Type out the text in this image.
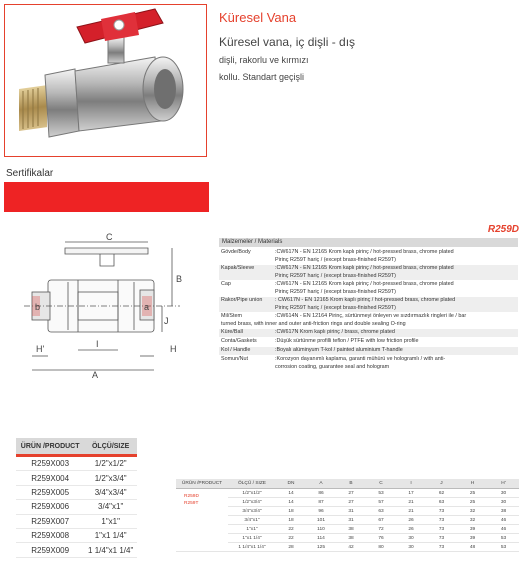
Küresel Vana
Küresel vana, iç dişli - dış
dişli, rakorlu ve kırmızı
kollu. Standart geçişli
Sertifikalar
R259D
C
B
b	a
J
H'	I	H
A
Malzemeler / Materials
Gövde/Body	:CW617N - EN 12165 Krom kaplı pirinç / hot-pressed brass, chrome plated
Pirinç R259T hariç / (except brass-finished R259T)
Kapak/Sleeve	:CW617N - EN 12165 Krom kaplı pirinç / hot-pressed brass, chrome plated
Pirinç R259T hariç / (except brass-finished R259T)
Cap	:CW617N - EN 12165 Krom kaplı pirinç / hot-pressed brass, chrome plated
Pirinç R259T hariç / (except brass-finished R259T)
Rakor/Pipe union	: CW617N - EN 12165 Krom kaplı pirinç / hot-pressed brass, chrome plated
Pirinç R259T hariç / (except brass-finished R259T)
Mil/Stem	:CW614N - EN 12164 Pirinç, sürtünmeyi önleyen ve sızdırmazlık ringleri ile / bar
turned brass, with inner and outer anti-friction rings and double sealing O-ring
Küre/Ball	:CW617N Krom kaplı pirinç / brass, chrome plated
Conta/Gaskets	:Düşük sürtünme profilli teflon / PTFE with low friction profile
Kol / Handle	:Boyalı alüminyum T-kol / painted aluminium T-handle
Somun/Nut	:Korozyon dayanımlı kaplama, garanti mühürü ve hologramlı / with anti-
corrosion coating, guarantee seal and hologram
ÜRÜN /PRODUCT	ÖLÇÜ/SIZE
R259X003	1/2"x1/2"
R259X004	1/2"x3/4"
R259X005	3/4"x3/4"
R259X006	3/4"x1"
R259X007	1"x1"
R259X008	1"x1 1/4"
R259X009	1 1/4"x1 1/4"
ÜRÜN /PRODUCT	ÖLÇÜ / SIZE	DN	A	B	C	I	J	H	H'

R259D
R259T	1/2"x1/2"	14	86	27	53	17	62	25	30
	1/2"x3/4"	14	87	27	57	21	63	25	30
	3/4"x3/4"	18	96	31	63	21	73	32	38
	3/4"x1"	18	101	31	67	26	73	32	46
	1"x1"	22	110	38	72	26	73	39	46
	1"x1 1/4"	22	114	38	76	30	73	39	53
	1 1/4"x1 1/4"	28	125	42	80	30	73	48	53
